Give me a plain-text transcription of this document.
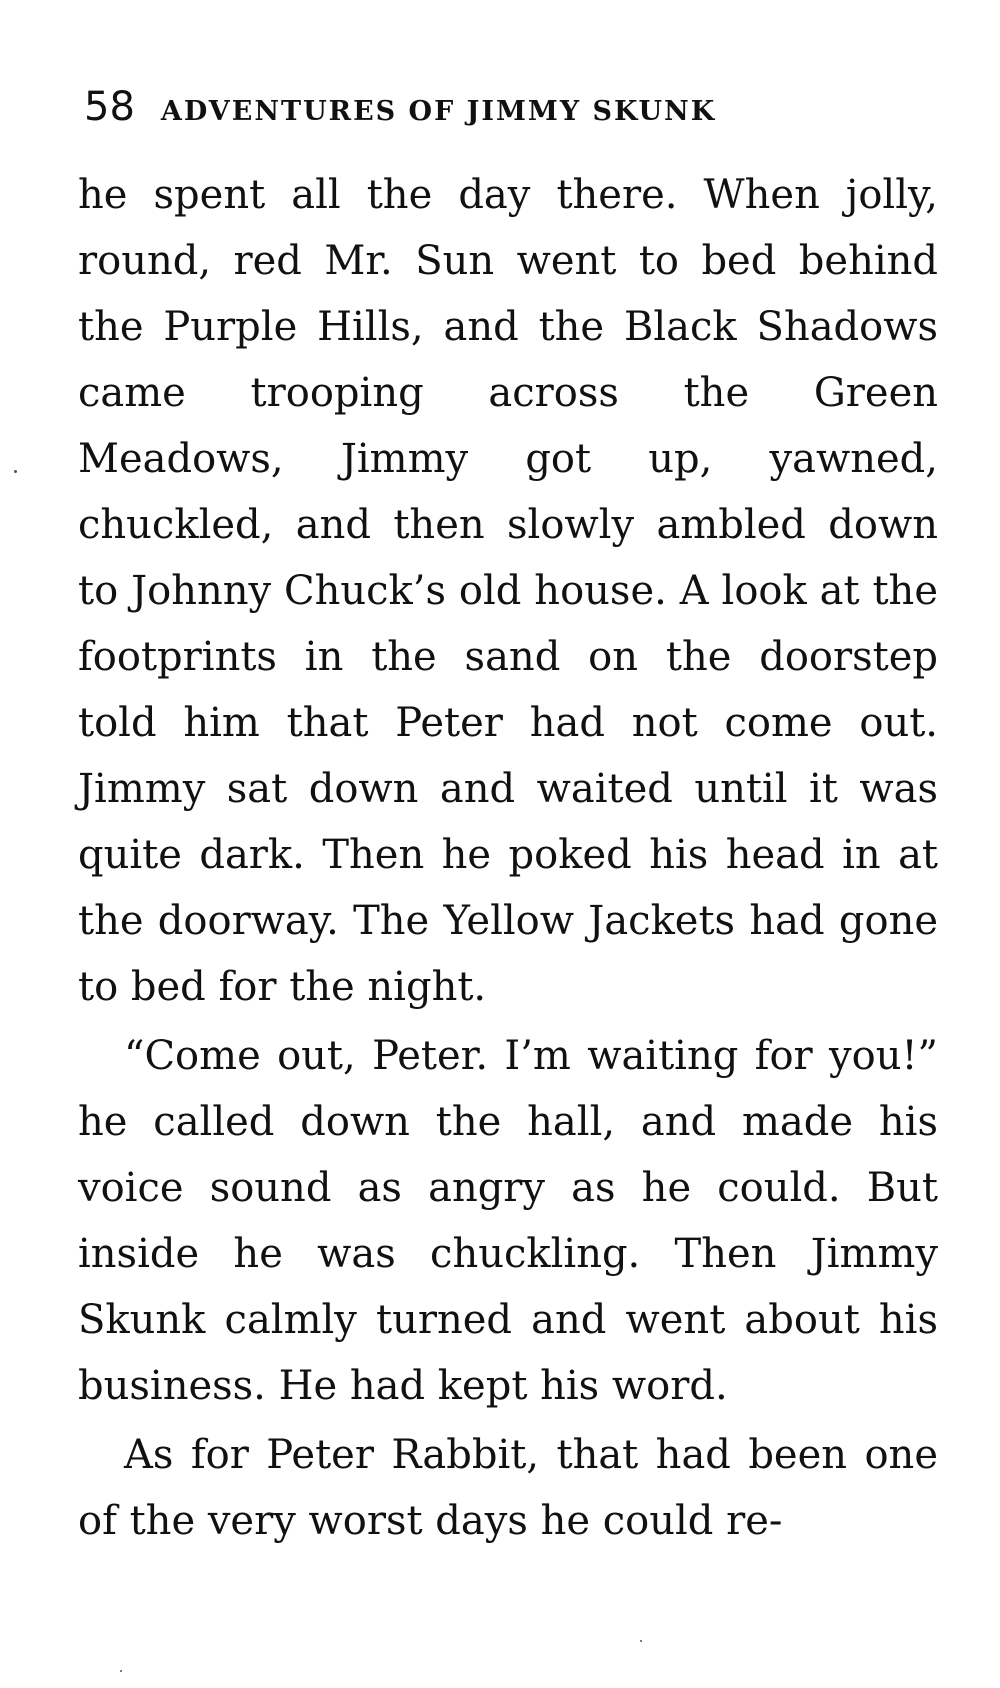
58 ADVENTURES OF JIMMY SKUNK

he spent all the day there. When jolly, round, red Mr. Sun went to bed behind the Purple Hills, and the Black Shadows came trooping across the Green Meadows, Jimmy got up, yawned, chuckled, and then slowly ambled down to Johnny Chuck’s old house. A look at the footprints in the sand on the doorstep told him that Peter had not come out. Jimmy sat down and waited until it was quite dark. Then he poked his head in at the doorway. The Yellow Jackets had gone to bed for the night.

“Come out, Peter. I’m waiting for you!” he called down the hall, and made his voice sound as angry as he could. But inside he was chuckling. Then Jimmy Skunk calmly turned and went about his business. He had kept his word.

As for Peter Rabbit, that had been one of the very worst days he could re-
